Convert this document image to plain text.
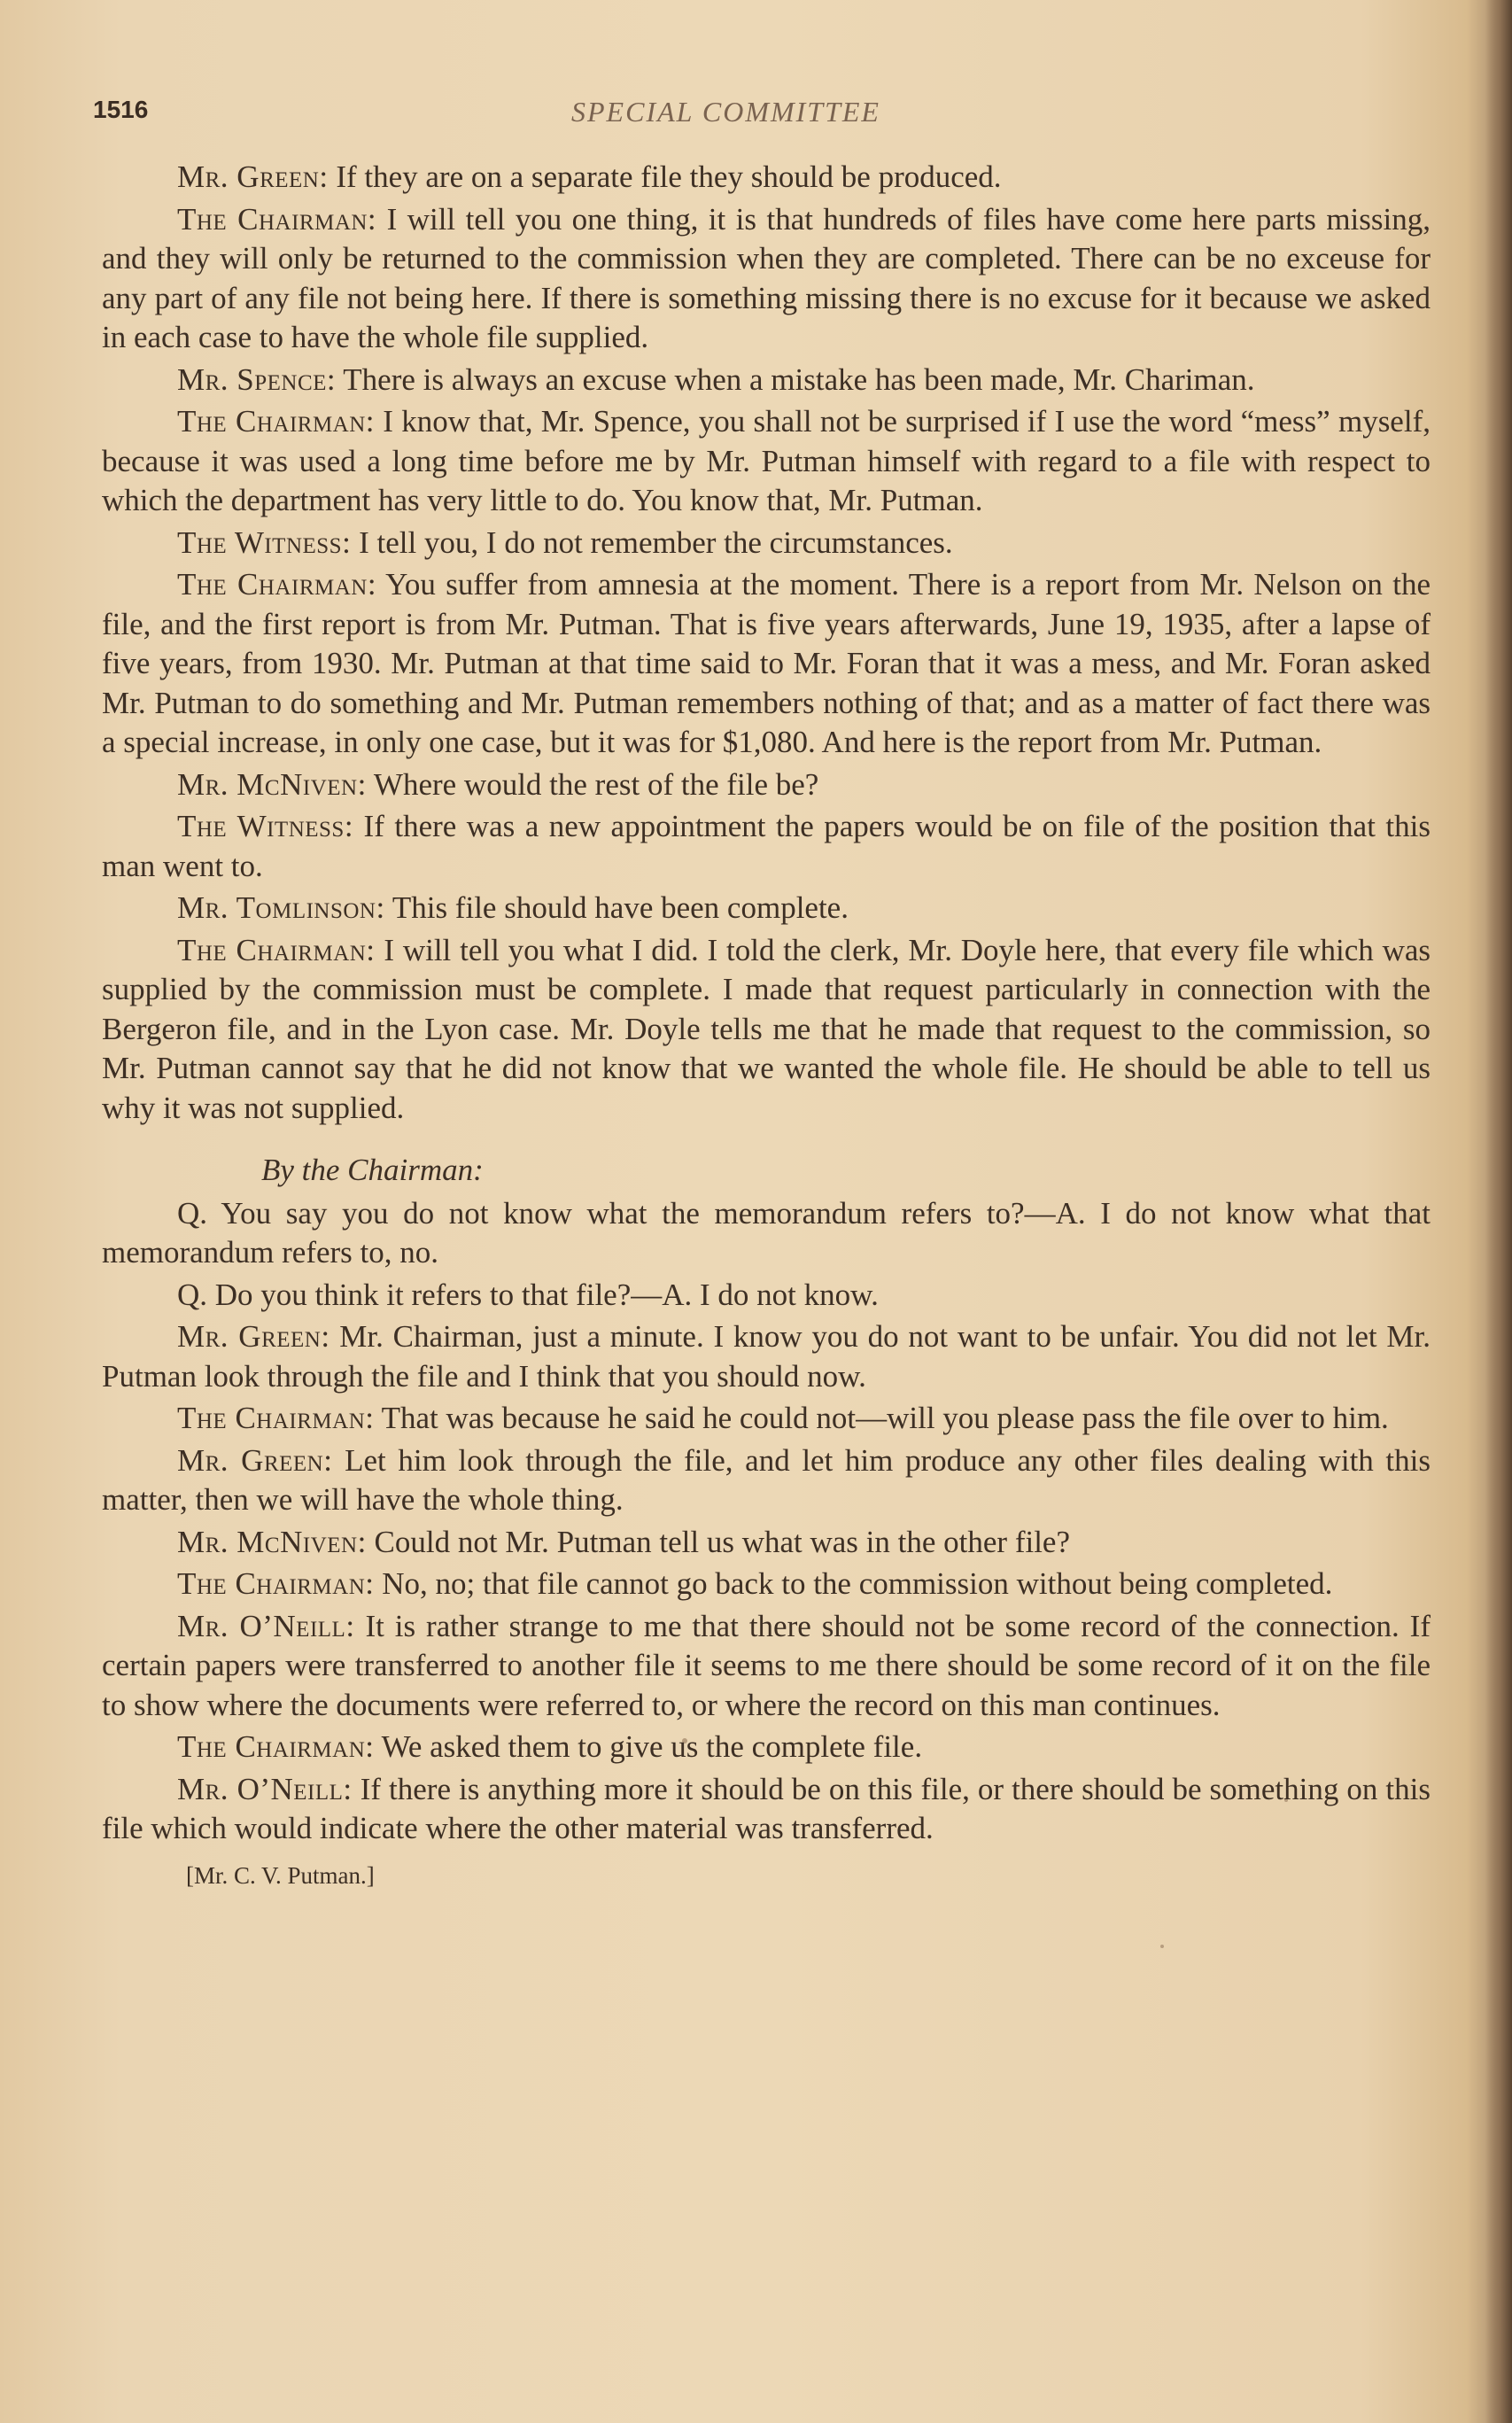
1516	SPECIAL COMMITTEE

Mr. Green: If they are on a separate file they should be produced.

The Chairman: I will tell you one thing, it is that hundreds of files have come here parts missing, and they will only be returned to the commission when they are completed. There can be no exceuse for any part of any file not being here. If there is something missing there is no excuse for it because we asked in each case to have the whole file supplied.

Mr. Spence: There is always an excuse when a mistake has been made, Mr. Chariman.

The Chairman: I know that, Mr. Spence, you shall not be surprised if I use the word “mess” myself, because it was used a long time before me by Mr. Putman himself with regard to a file with respect to which the department has very little to do. You know that, Mr. Putman.

The Witness: I tell you, I do not remember the circumstances.

The Chairman: You suffer from amnesia at the moment. There is a report from Mr. Nelson on the file, and the first report is from Mr. Putman. That is five years afterwards, June 19, 1935, after a lapse of five years, from 1930. Mr. Putman at that time said to Mr. Foran that it was a mess, and Mr. Foran asked Mr. Putman to do something and Mr. Putman remembers nothing of that; and as a matter of fact there was a special increase, in only one case, but it was for $1,080. And here is the report from Mr. Putman.

Mr. McNiven: Where would the rest of the file be?

The Witness: If there was a new appointment the papers would be on file of the position that this man went to.

Mr. Tomlinson: This file should have been complete.

The Chairman: I will tell you what I did. I told the clerk, Mr. Doyle here, that every file which was supplied by the commission must be complete. I made that request particularly in connection with the Bergeron file, and in the Lyon case. Mr. Doyle tells me that he made that request to the commission, so Mr. Putman cannot say that he did not know that we wanted the whole file. He should be able to tell us why it was not supplied.

By the Chairman:

Q. You say you do not know what the memorandum refers to?—A. I do not know what that memorandum refers to, no.

Q. Do you think it refers to that file?—A. I do not know.

Mr. Green: Mr. Chairman, just a minute. I know you do not want to be unfair. You did not let Mr. Putman look through the file and I think that you should now.

The Chairman: That was because he said he could not—will you please pass the file over to him.

Mr. Green: Let him look through the file, and let him produce any other files dealing with this matter, then we will have the whole thing.

Mr. McNiven: Could not Mr. Putman tell us what was in the other file?

The Chairman: No, no; that file cannot go back to the commission without being completed.

Mr. O’Neill: It is rather strange to me that there should not be some record of the connection. If certain papers were transferred to another file it seems to me there should be some record of it on the file to show where the documents were referred to, or where the record on this man continues.

The Chairman: We asked them to give us the complete file.

Mr. O’Neill: If there is anything more it should be on this file, or there should be something on this file which would indicate where the other material was transferred.

[Mr. C. V. Putman.]
